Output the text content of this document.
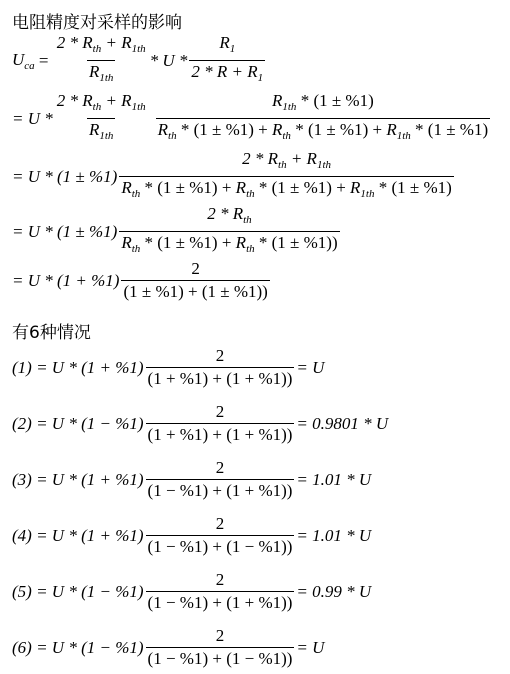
电阻精度对采样的影响
$U_{ca} = \frac{2 * R_{th} + R_{1th}}{R_{1th}} * U * \frac{R_1}{2 * R + R_1}$
= U * $\frac{2 * R_{th} + R_{1th}}{R_{1th}} \frac{R_{1th} * (1 \pm \%1)}{R_{th} * (1 \pm \%1) + R_{th} * (1 \pm \%1) + R_{1th} * (1 \pm \%1)}$
= $U * (1 \pm \%1) \frac{2 * R_{th} + R_{1th}}{R_{th} * (1 \pm \%1) + R_{th} * (1 \pm \%1) + R_{1th} * (1 \pm \%1)}$
= $U * (1 \pm \%1) \frac{2 * R_{th}}{R_{th} * (1 \pm \%1) + R_{th} * (1 \pm \%1))}$
= $U * (1 + \%1) \frac{2}{(1 \pm \%1) + (1 \pm \%1))}$
有6种情况
$(1) = U * (1 + \%1) \frac{2}{(1 + \%1) + (1 + \%1))} = U$
$(2) = U * (1 - \%1) \frac{2}{(1 + \%1) + (1 + \%1))} = 0.9801 * U$
$(3) = U * (1 + \%1) \frac{2}{(1 - \%1) + (1 + \%1))} = 1.01 * U$
$(4) = U * (1 + \%1) \frac{2}{(1 - \%1) + (1 - \%1))} = 1.01 * U$
$(5) = U * (1 - \%1) \frac{2}{(1 - \%1) + (1 + \%1))} = 0.99 * U$
$(6) = U * (1 - \%1) \frac{2}{(1 - \%1) + (1 - \%1))} = U$
